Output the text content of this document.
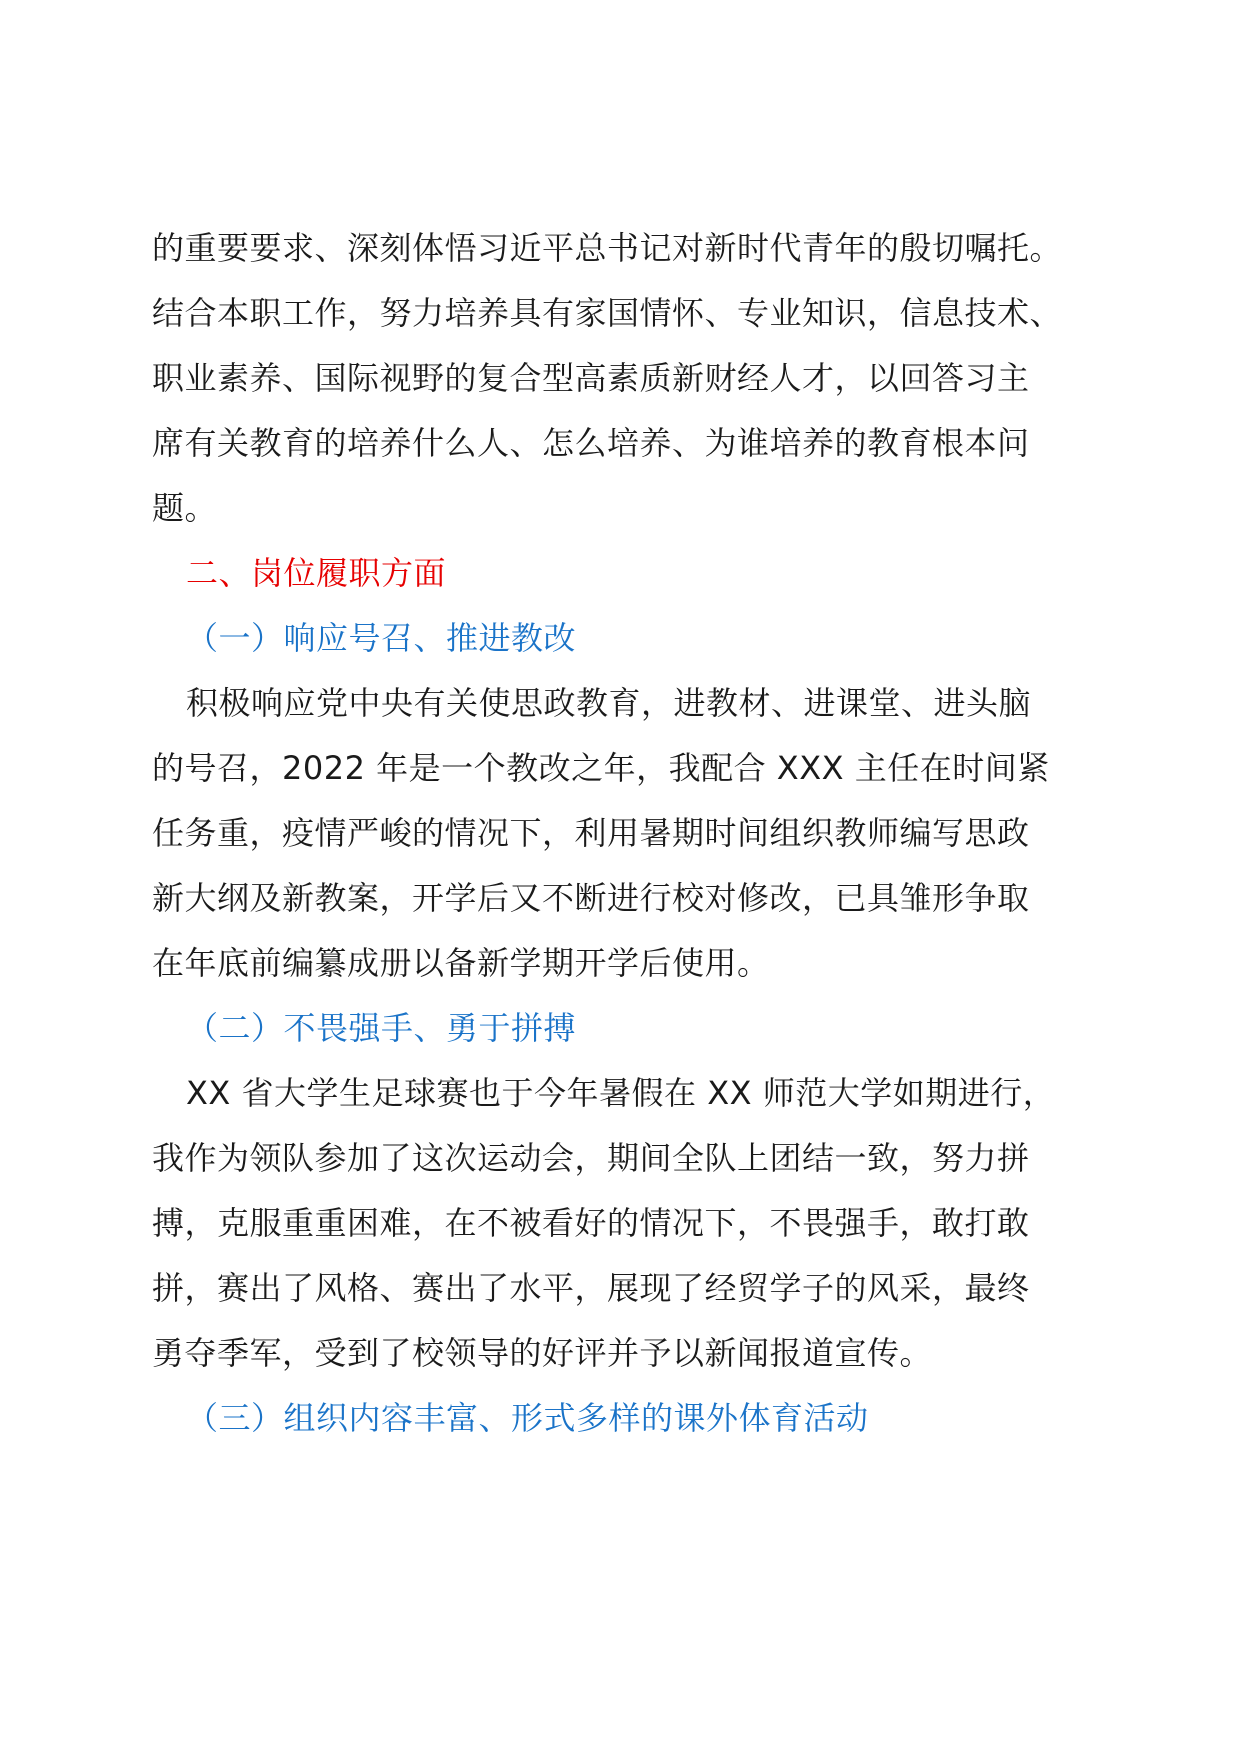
的重要要求、深刻体悟习近平总书记对新时代青年的殷切嘱托。
结合本职工作，努力培养具有家国情怀、专业知识，信息技术、
职业素养、国际视野的复合型高素质新财经人才，以回答习主
席有关教育的培养什么人、怎么培养、为谁培养的教育根本问
题。
二、岗位履职方面
（一）响应号召、推进教改
积极响应党中央有关使思政教育，进教材、进课堂、进头脑
的号召，2022 年是一个教改之年，我配合 XXX 主任在时间紧
任务重，疫情严峻的情况下，利用暑期时间组织教师编写思政
新大纲及新教案，开学后又不断进行校对修改，已具雏形争取
在年底前编纂成册以备新学期开学后使用。
（二）不畏强手、勇于拼搏
XX 省大学生足球赛也于今年暑假在 XX 师范大学如期进行，
我作为领队参加了这次运动会，期间全队上团结一致，努力拼
搏，克服重重困难，在不被看好的情况下，不畏强手，敢打敢
拼，赛出了风格、赛出了水平，展现了经贸学子的风采，最终
勇夺季军，受到了校领导的好评并予以新闻报道宣传。
（三）组织内容丰富、形式多样的课外体育活动
